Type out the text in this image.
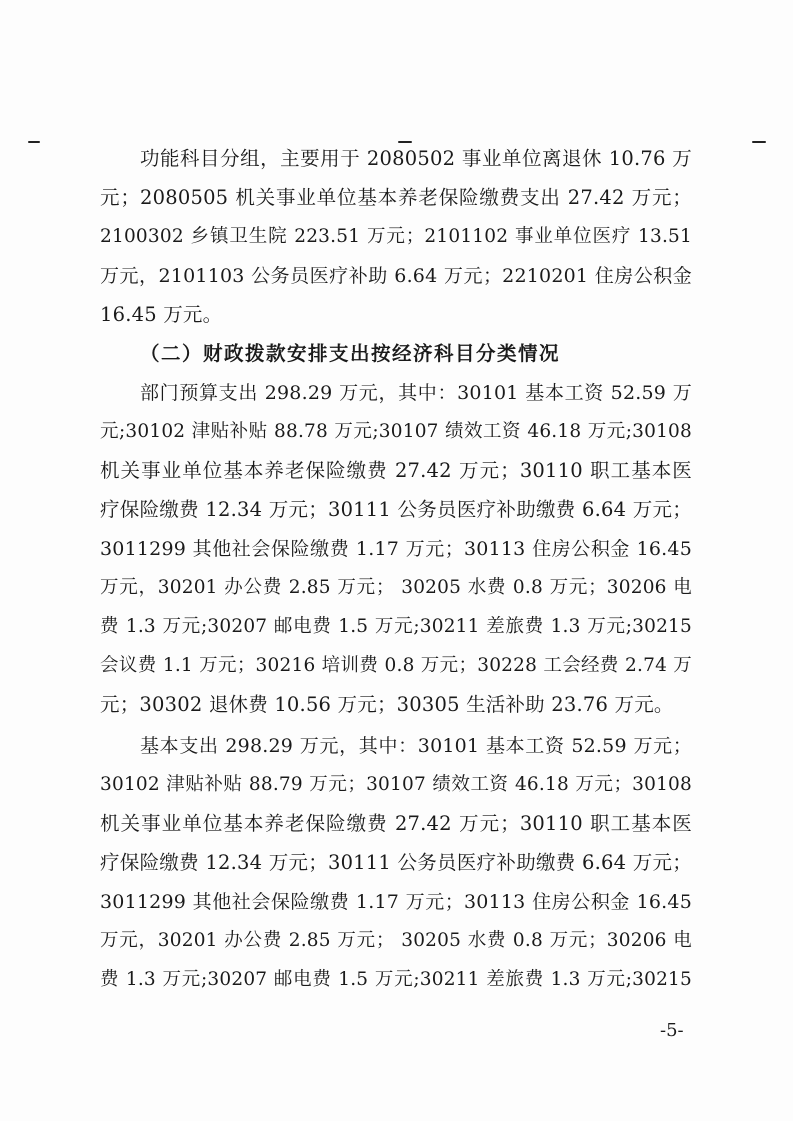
功能科目分组，主要用于 2080502 事业单位离退休 10.76 万
元；2080505 机关事业单位基本养老保险缴费支出 27.42 万元；
2100302 乡镇卫生院 223.51 万元；2101102 事业单位医疗 13.51
万元，2101103 公务员医疗补助 6.64 万元；2210201 住房公积金
16.45 万元。
（二）财政拨款安排支出按经济科目分类情况
部门预算支出 298.29 万元，其中：30101 基本工资 52.59 万
元;30102 津贴补贴 88.78 万元;30107 绩效工资 46.18 万元;30108
机关事业单位基本养老保险缴费 27.42 万元；30110 职工基本医
疗保险缴费 12.34 万元；30111 公务员医疗补助缴费 6.64 万元；
3011299 其他社会保险缴费 1.17 万元；30113 住房公积金 16.45
万元，30201 办公费 2.85 万元； 30205 水费 0.8 万元；30206 电
费 1.3 万元;30207 邮电费 1.5 万元;30211 差旅费 1.3 万元;30215
会议费 1.1 万元；30216 培训费 0.8 万元；30228 工会经费 2.74 万
元；30302 退休费 10.56 万元；30305 生活补助 23.76 万元。
基本支出 298.29 万元，其中：30101 基本工资 52.59 万元；
30102 津贴补贴 88.79 万元；30107 绩效工资 46.18 万元；30108
机关事业单位基本养老保险缴费 27.42 万元；30110 职工基本医
疗保险缴费 12.34 万元；30111 公务员医疗补助缴费 6.64 万元；
3011299 其他社会保险缴费 1.17 万元；30113 住房公积金 16.45
万元，30201 办公费 2.85 万元； 30205 水费 0.8 万元；30206 电
费 1.3 万元;30207 邮电费 1.5 万元;30211 差旅费 1.3 万元;30215
-5-
